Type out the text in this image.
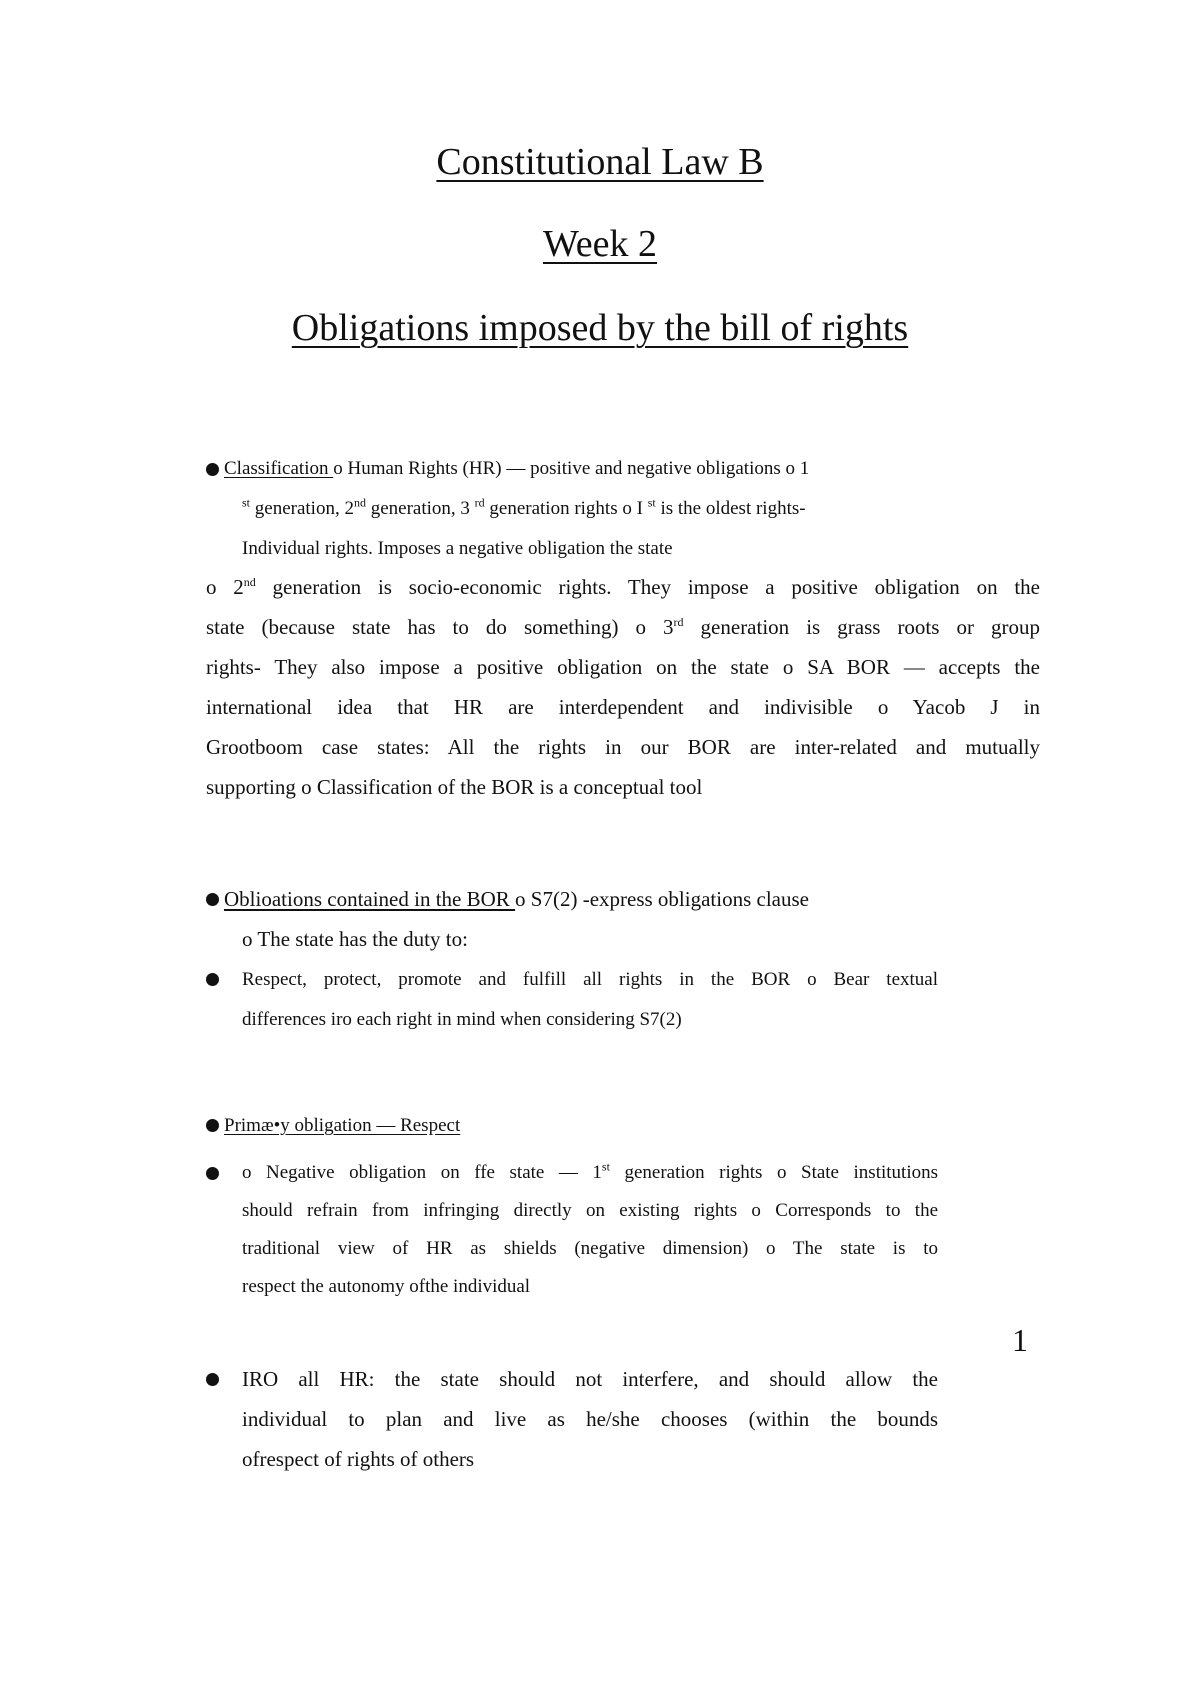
Constitutional Law B
Week 2
Obligations imposed by the bill of rights
Classification o Human Rights (HR) — positive and negative obligations o 1
$^{st}$ generation, 2nd generation, 3 $^{rd}$ generation rights o I $^{st}$ is the oldest rights-
Individual rights. Imposes a negative obligation the state
o 2nd generation is socio-economic rights. They impose a positive obligation on the
state (because state has to do something) o 3rd generation is grass roots or group
rights- They also impose a positive obligation on the state o SA BOR — accepts the
international idea that HR are interdependent and indivisible o Yacob J in
Grootboom case states: All the rights in our BOR are inter-related and mutually
supporting o Classification of the BOR is a conceptual tool
Oblioations contained in the BOR o S7(2) -express obligations clause
o The state has the duty to:
Respect, protect, promote and fulfill all rights in the BOR o Bear textual
differences iro each right in mind when considering S7(2)
Primæ•y obligation — Respect
o Negative obligation on ffe state — 1st generation rights o State institutions
should refrain from infringing directly on existing rights o Corresponds to the
traditional view of HR as shields (negative dimension) o The state is to
respect the autonomy ofthe individual
1
IRO all HR: the state should not interfere, and should allow the
individual to plan and live as he/she chooses (within the bounds
ofrespect of rights of others
